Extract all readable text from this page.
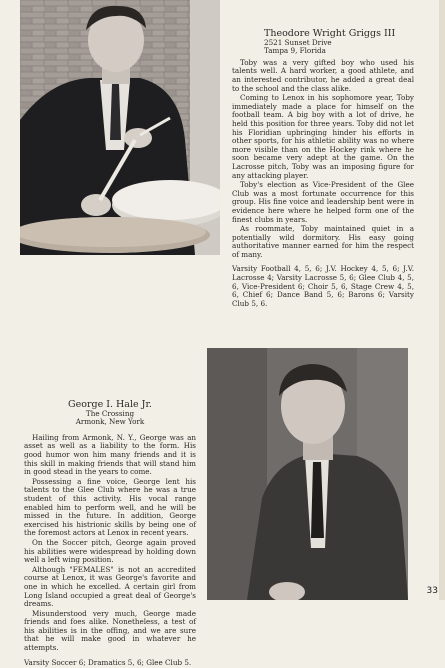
Theodore Wright Griggs III
2521 Sunset Drive
Tampa 9, Florida

Toby was a very gifted boy who used his talents well. A hard worker, a good athlete, and an interested contributor, he added a great deal to the school and the class alike.

Coming to Lenox in his sophomore year, Toby immediately made a place for himself on the football team. A big boy with a lot of drive, he held this position for three years. Toby did not let his Floridian upbringing hinder his efforts in other sports, for his athletic ability was no where more visible than on the Hockey rink where he soon became very adept at the game. On the Lacrosse pitch, Toby was an imposing figure for any attacking player.

Toby's election as Vice-President of the Glee Club was a most fortunate occurrence for this group. His fine voice and leadership bent were in evidence here where he helped form one of the finest clubs in years.

As roommate, Toby maintained quiet in a potentially wild dormitory. His easy going authoritative manner earned for him the respect of many.

Varsity Football 4, 5, 6; J.V. Hockey 4, 5, 6; J.V. Lacrosse 4; Varsity Lacrosse 5, 6; Glee Club 4, 5, 6, Vice-President 6; Choir 5, 6, Stage Crew 4, 5, 6, Chief 6; Dance Band 5, 6; Barons 6; Varsity Club 5, 6.

George I. Hale Jr.
The Crossing
Armonk, New York

Hailing from Armonk, N. Y., George was an asset as well as a liability to the form. His good humor won him many friends and it is this skill in making friends that will stand him in good stead in the years to come.

Possessing a fine voice, George lent his talents to the Glee Club where he was a true student of this activity. His vocal range enabled him to perform well, and he will be missed in the future. In addition, George exercised his histrionic skills by being one of the foremost actors at Lenox in recent years.

On the Soccer pitch, George again proved his abilities were widespread by holding down well a left wing position.

Although "FEMALES" is not an accredited course at Lenox, it was George's favorite and one in which he excelled. A certain girl from Long Island occupied a great deal of George's dreams.

Misunderstood very much, George made friends and foes alike. Nonetheless, a test of his abilities is in the offing, and we are sure that he will make good in whatever he attempts.

Varsity Soccer 6; Dramatics 5, 6; Glee Club 5.

33
